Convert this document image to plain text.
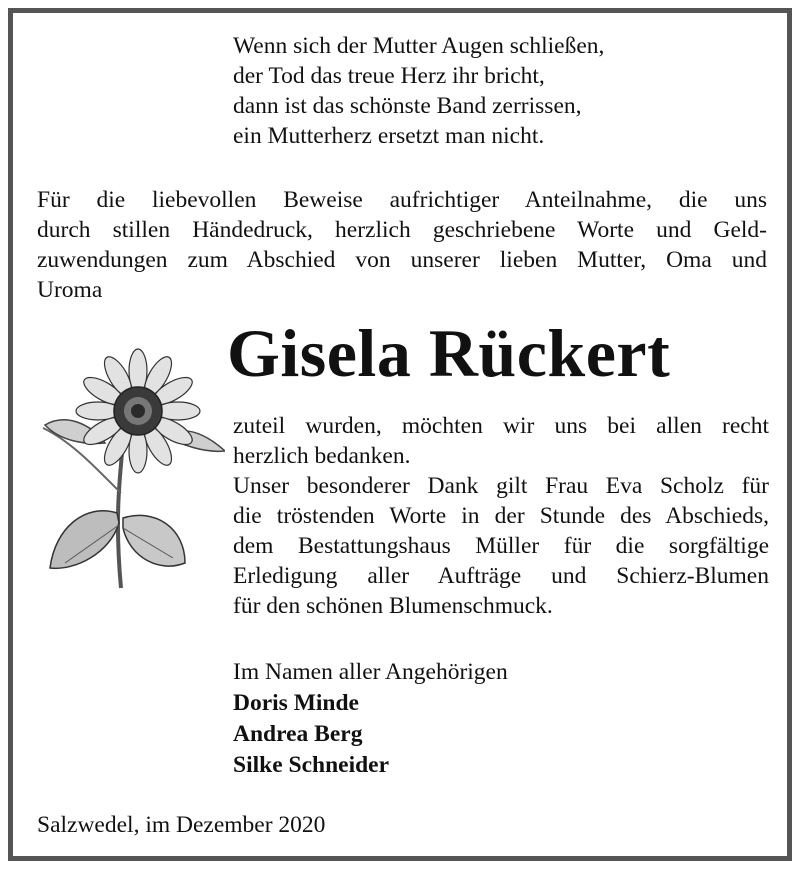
Wenn sich der Mutter Augen schließen,
der Tod das treue Herz ihr bricht,
dann ist das schönste Band zerrissen,
ein Mutterherz ersetzt man nicht.
Für die liebevollen Beweise aufrichtiger Anteilnahme, die uns
durch stillen Händedruck, herzlich geschriebene Worte und Geld-
zuwendungen zum Abschied von unserer lieben Mutter, Oma und
Uroma
Gisela Rückert
zuteil wurden, möchten wir uns bei allen recht
herzlich bedanken.
Unser besonderer Dank gilt Frau Eva Scholz für
die tröstenden Worte in der Stunde des Abschieds,
dem Bestattungshaus Müller für die sorgfältige
Erledigung aller Aufträge und Schierz-Blumen
für den schönen Blumenschmuck.
Im Namen aller Angehörigen
Doris Minde
Andrea Berg
Silke Schneider
Salzwedel, im Dezember 2020
